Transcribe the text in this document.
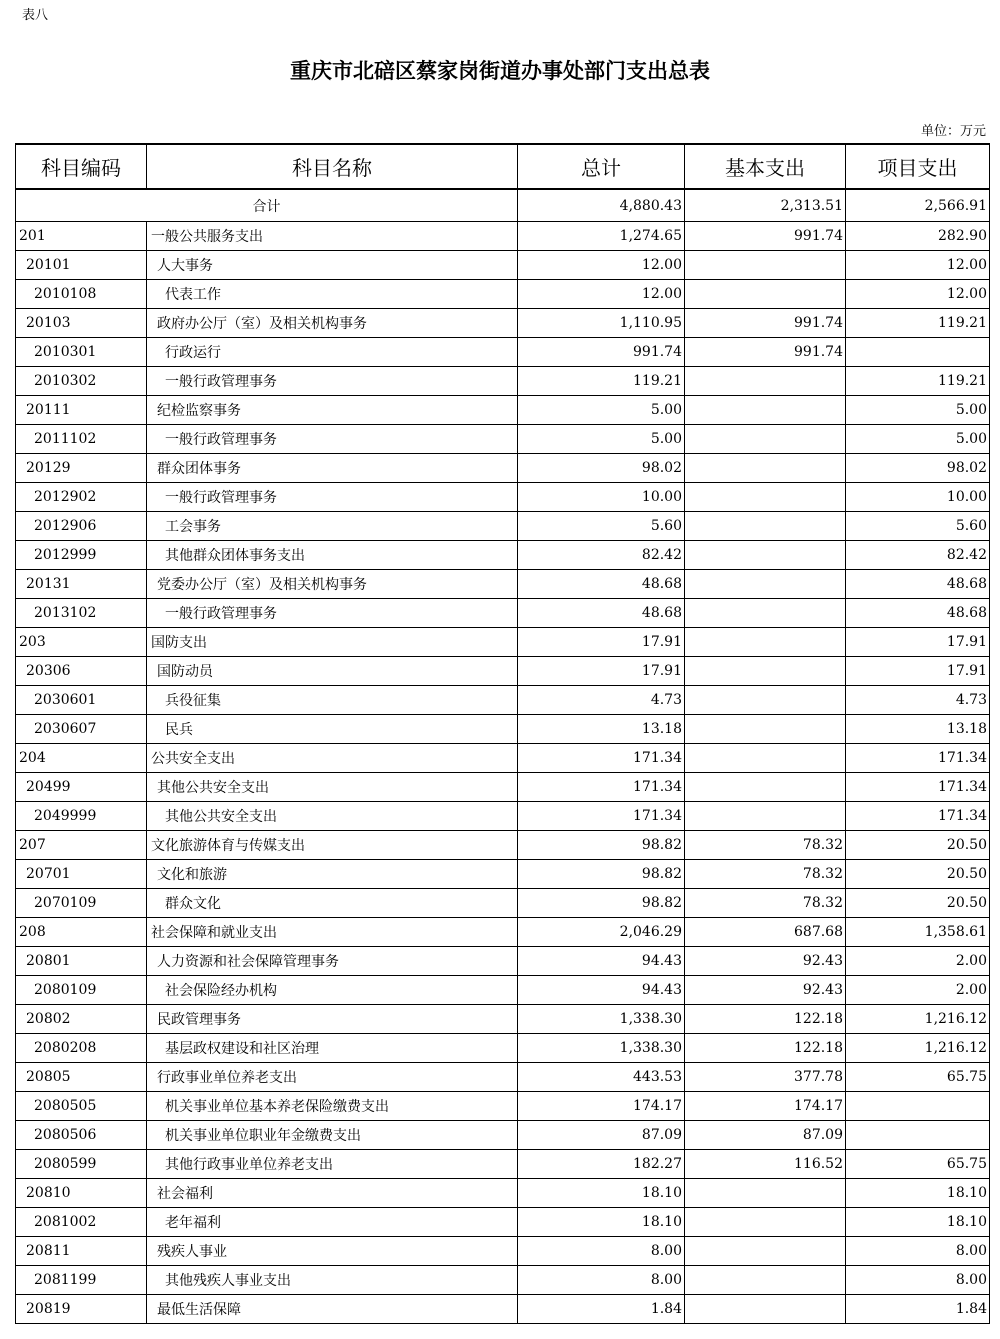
表八
重庆市北碚区蔡家岗街道办事处部门支出总表
单位：万元
科目编码	科目名称	总计	基本支出	项目支出
合计		4,880.43	2,313.51	2,566.91
201	一般公共服务支出	1,274.65	991.74	282.90
20101	人大事务	12.00		12.00
2010108	代表工作	12.00		12.00
20103	政府办公厅（室）及相关机构事务	1,110.95	991.74	119.21
2010301	行政运行	991.74	991.74	
2010302	一般行政管理事务	119.21		119.21
20111	纪检监察事务	5.00		5.00
2011102	一般行政管理事务	5.00		5.00
20129	群众团体事务	98.02		98.02
2012902	一般行政管理事务	10.00		10.00
2012906	工会事务	5.60		5.60
2012999	其他群众团体事务支出	82.42		82.42
20131	党委办公厅（室）及相关机构事务	48.68		48.68
2013102	一般行政管理事务	48.68		48.68
203	国防支出	17.91		17.91
20306	国防动员	17.91		17.91
2030601	兵役征集	4.73		4.73
2030607	民兵	13.18		13.18
204	公共安全支出	171.34		171.34
20499	其他公共安全支出	171.34		171.34
2049999	其他公共安全支出	171.34		171.34
207	文化旅游体育与传媒支出	98.82	78.32	20.50
20701	文化和旅游	98.82	78.32	20.50
2070109	群众文化	98.82	78.32	20.50
208	社会保障和就业支出	2,046.29	687.68	1,358.61
20801	人力资源和社会保障管理事务	94.43	92.43	2.00
2080109	社会保险经办机构	94.43	92.43	2.00
20802	民政管理事务	1,338.30	122.18	1,216.12
2080208	基层政权建设和社区治理	1,338.30	122.18	1,216.12
20805	行政事业单位养老支出	443.53	377.78	65.75
2080505	机关事业单位基本养老保险缴费支出	174.17	174.17	
2080506	机关事业单位职业年金缴费支出	87.09	87.09	
2080599	其他行政事业单位养老支出	182.27	116.52	65.75
20810	社会福利	18.10		18.10
2081002	老年福利	18.10		18.10
20811	残疾人事业	8.00		8.00
2081199	其他残疾人事业支出	8.00		8.00
20819	最低生活保障	1.84		1.84
